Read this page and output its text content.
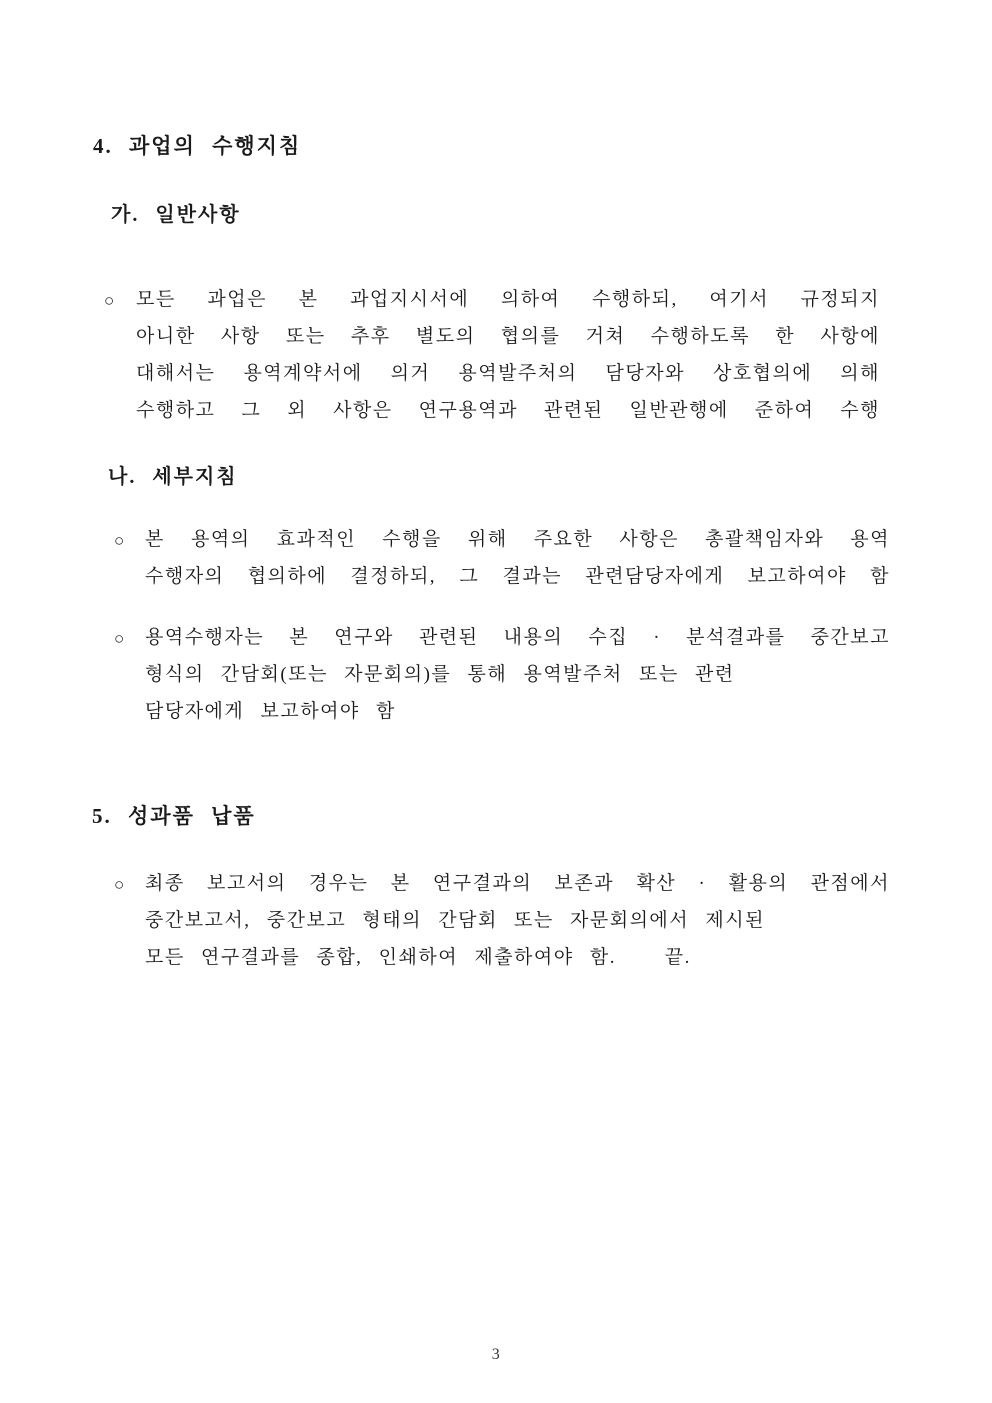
4. 과업의 수행지침
가. 일반사항
○ 모든 과업은 본 과업지시서에 의하여 수행하되, 여기서 규정되지
아니한 사항 또는 추후 별도의 협의를 거쳐 수행하도록 한 사항에
대해서는 용역계약서에 의거 용역발주처의 담당자와 상호협의에 의해
수행하고 그 외 사항은 연구용역과 관련된 일반관행에 준하여 수행
나. 세부지침
○ 본 용역의 효과적인 수행을 위해 주요한 사항은 총괄책임자와 용역
수행자의 협의하에 결정하되, 그 결과는 관련담당자에게 보고하여야 함
○ 용역수행자는 본 연구와 관련된 내용의 수집 · 분석결과를 중간보고
형식의 간담회(또는 자문회의)를 통해 용역발주처 또는 관련
담당자에게 보고하여야 함
5. 성과품 납품
○ 최종 보고서의 경우는 본 연구결과의 보존과 확산 · 활용의 관점에서
중간보고서, 중간보고 형태의 간담회 또는 자문회의에서 제시된
모든 연구결과를 종합, 인쇄하여 제출하여야 함.   끝.
3
